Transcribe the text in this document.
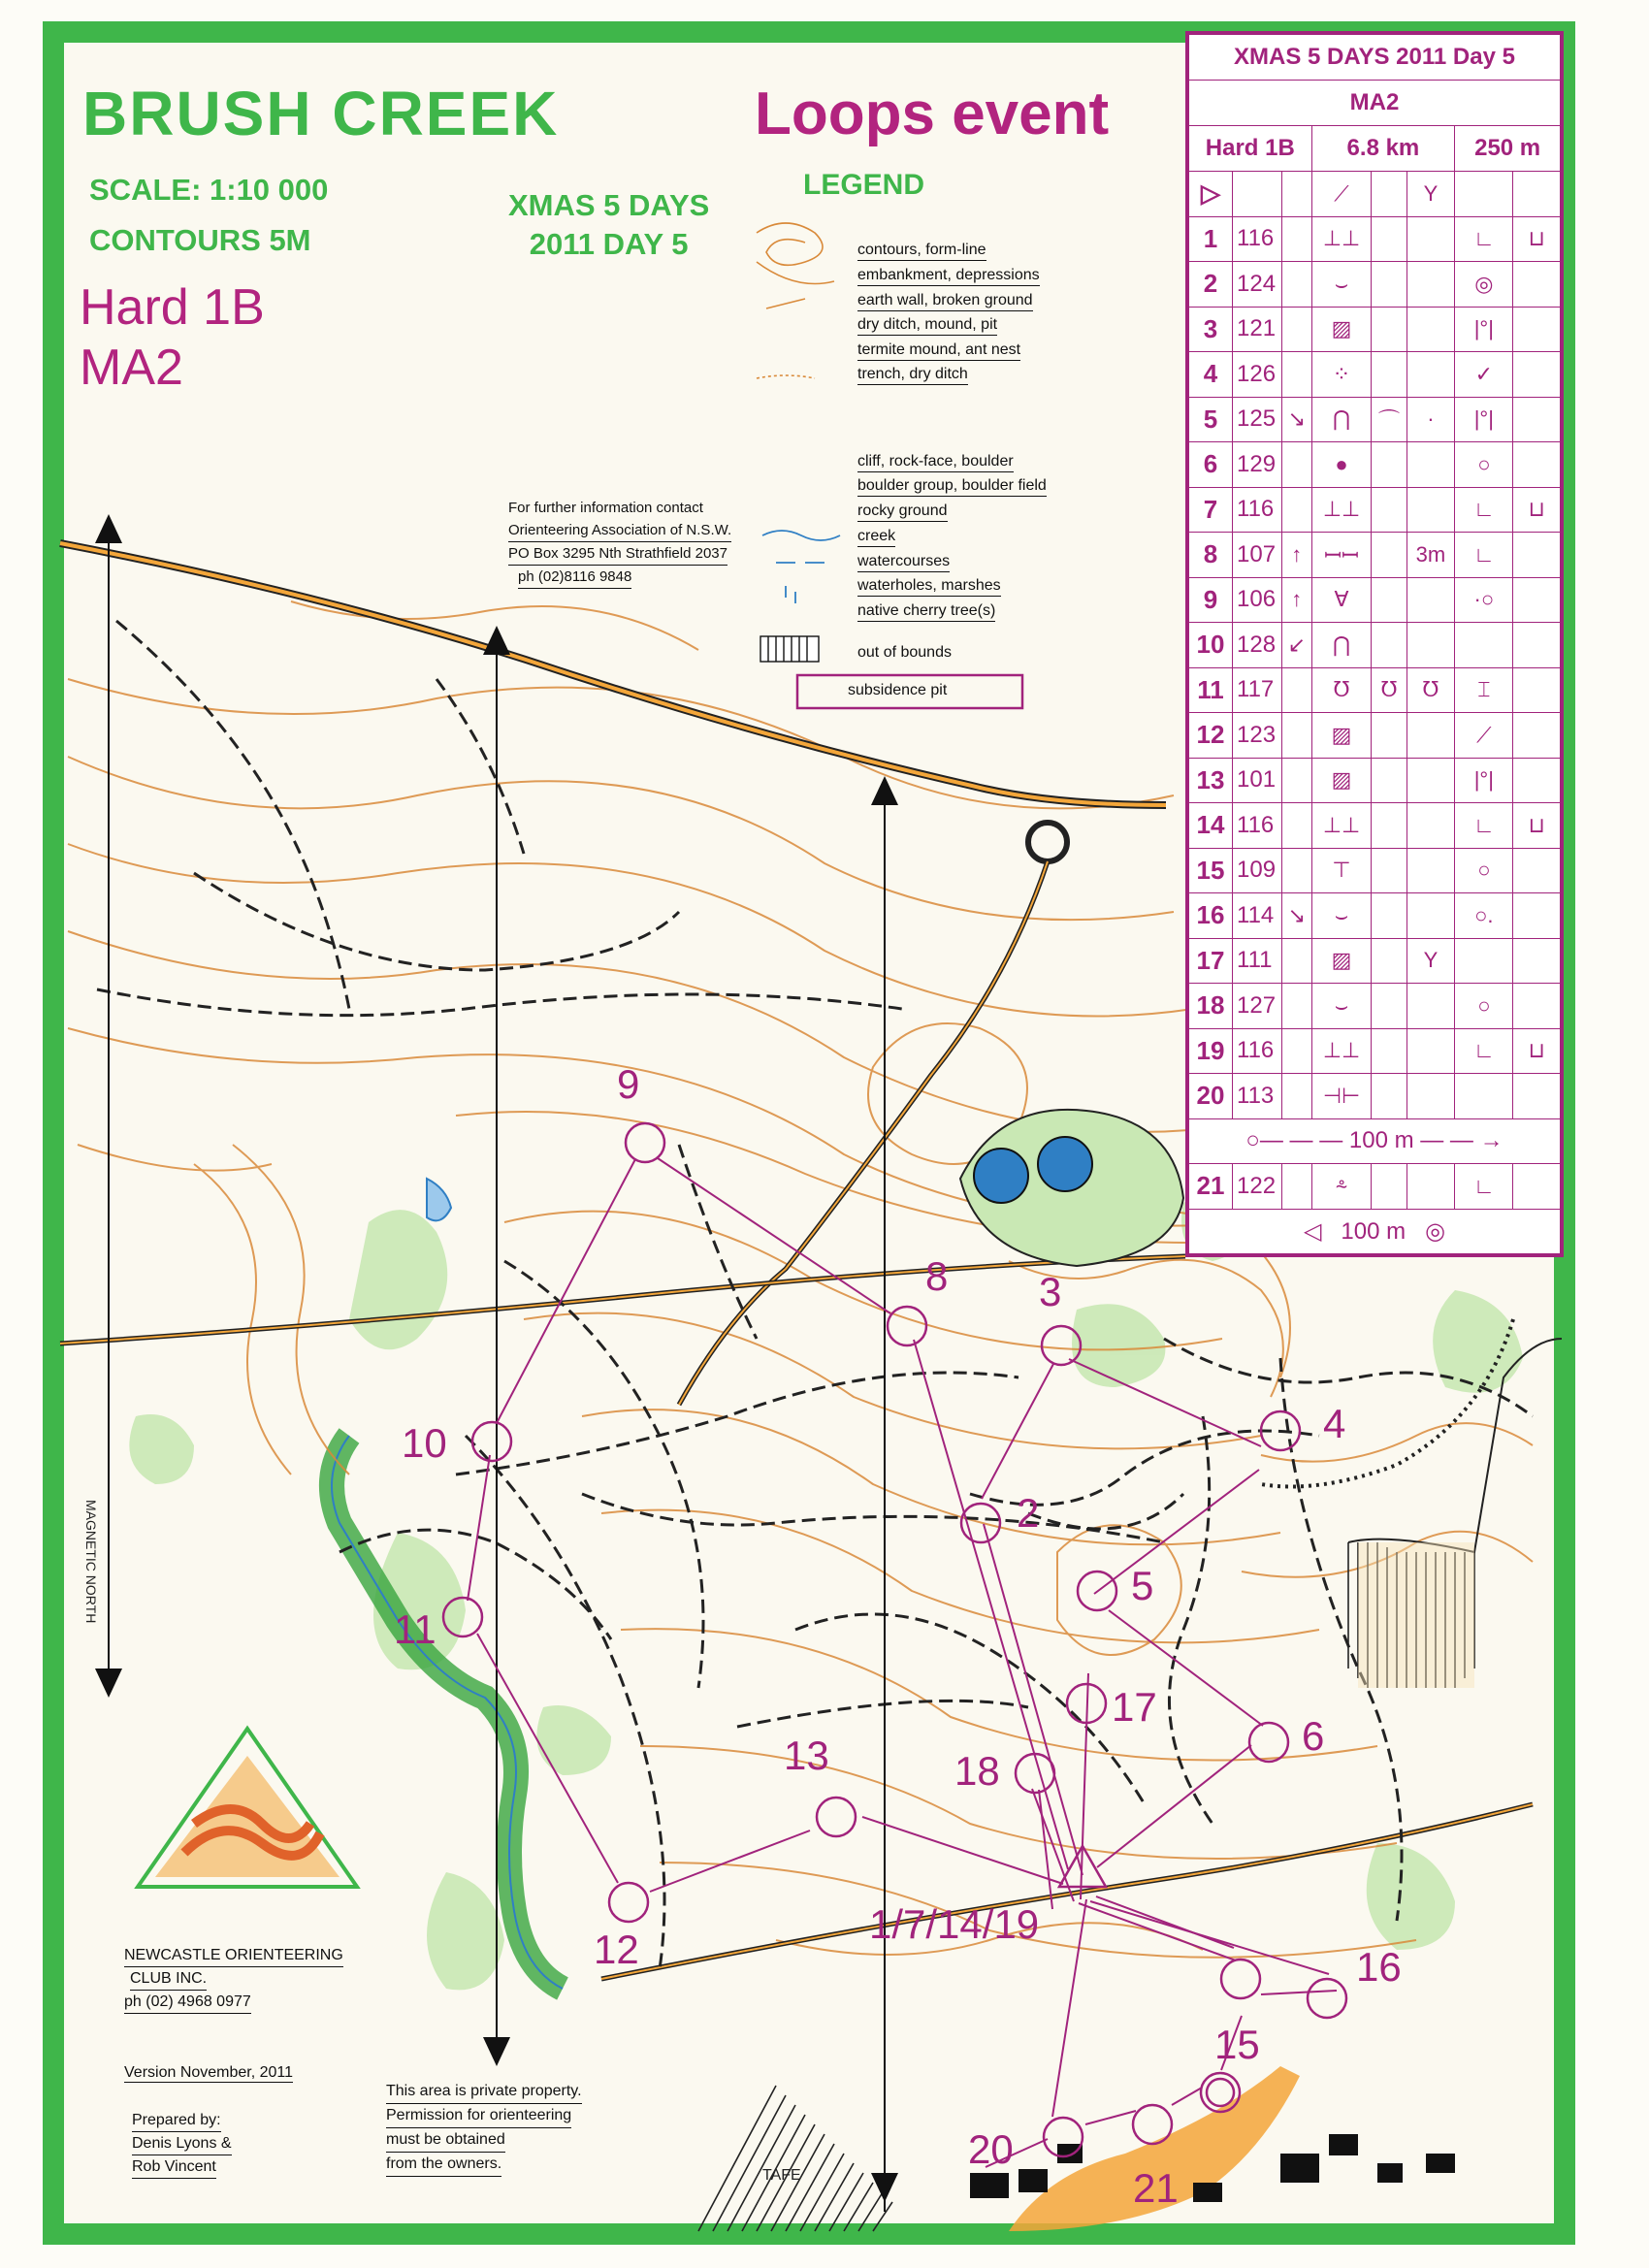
BRUSH CREEK
SCALE: 1:10 000
CONTOURS 5M
Hard 1B
MA2
Loops event
XMAS 5 DAYS
2011 DAY 5
LEGEND
contours, form-line
embankment, depressions
earth wall, broken ground
dry ditch, mound, pit
termite mound, ant nest
trench, dry ditch
cliff, rock-face, boulder
boulder group, boulder field
rocky ground
creek
watercourses
waterholes, marshes
native cherry tree(s)
out of bounds
subsidence pit
For further information contact
Orienteering Association of N.S.W.
PO Box 3295 Nth Strathfield 2037
ph (02)8116 9848
MAGNETIC NORTH
NEWCASTLE ORIENTEERING
CLUB INC.
ph (02) 4968 0977
Version November, 2011
Prepared by:
Denis Lyons &
Rob Vincent
This area is private property.
Permission for orienteering
must be obtained
from the owners.
TAFE
9
8 3
4
10
2
5
11
17
6
13	18
12
1/7/14/19
16
15
20
21
XMAS 5 DAYS 2011 Day 5							
MA2							
Hard 1B			6.8 km			250 m	
▷			⟋		Y		
1	116		⊥⊥			∟	⊔
2	124		⌣			◎	
3	121		▨			|°|	
4	126		⁘			✓	
5	125	↘	⋂	⌒	·	|°|	
6	129		●			○	
7	116		⊥⊥			∟	⊔
8	107	↑	ꟷꟷ		3m	∟	
9	106	↑	∀			·○	
10	128	↙	⋂				
11	117		℧	℧	℧	⌶	
12	123		▨			⟋	
13	101		▨			|°|	
14	116		⊥⊥			∟	⊔
15	109		⊤			○	
16	114	↘	⌣			○.	
17	111		▨		Y		
18	127		⌣			○	
19	116		⊥⊥			∟	⊔
20	113		⊣⊢				
○— — — 100 m — — →							
21	122		⸛			∟	
◁   100 m   ◎							
